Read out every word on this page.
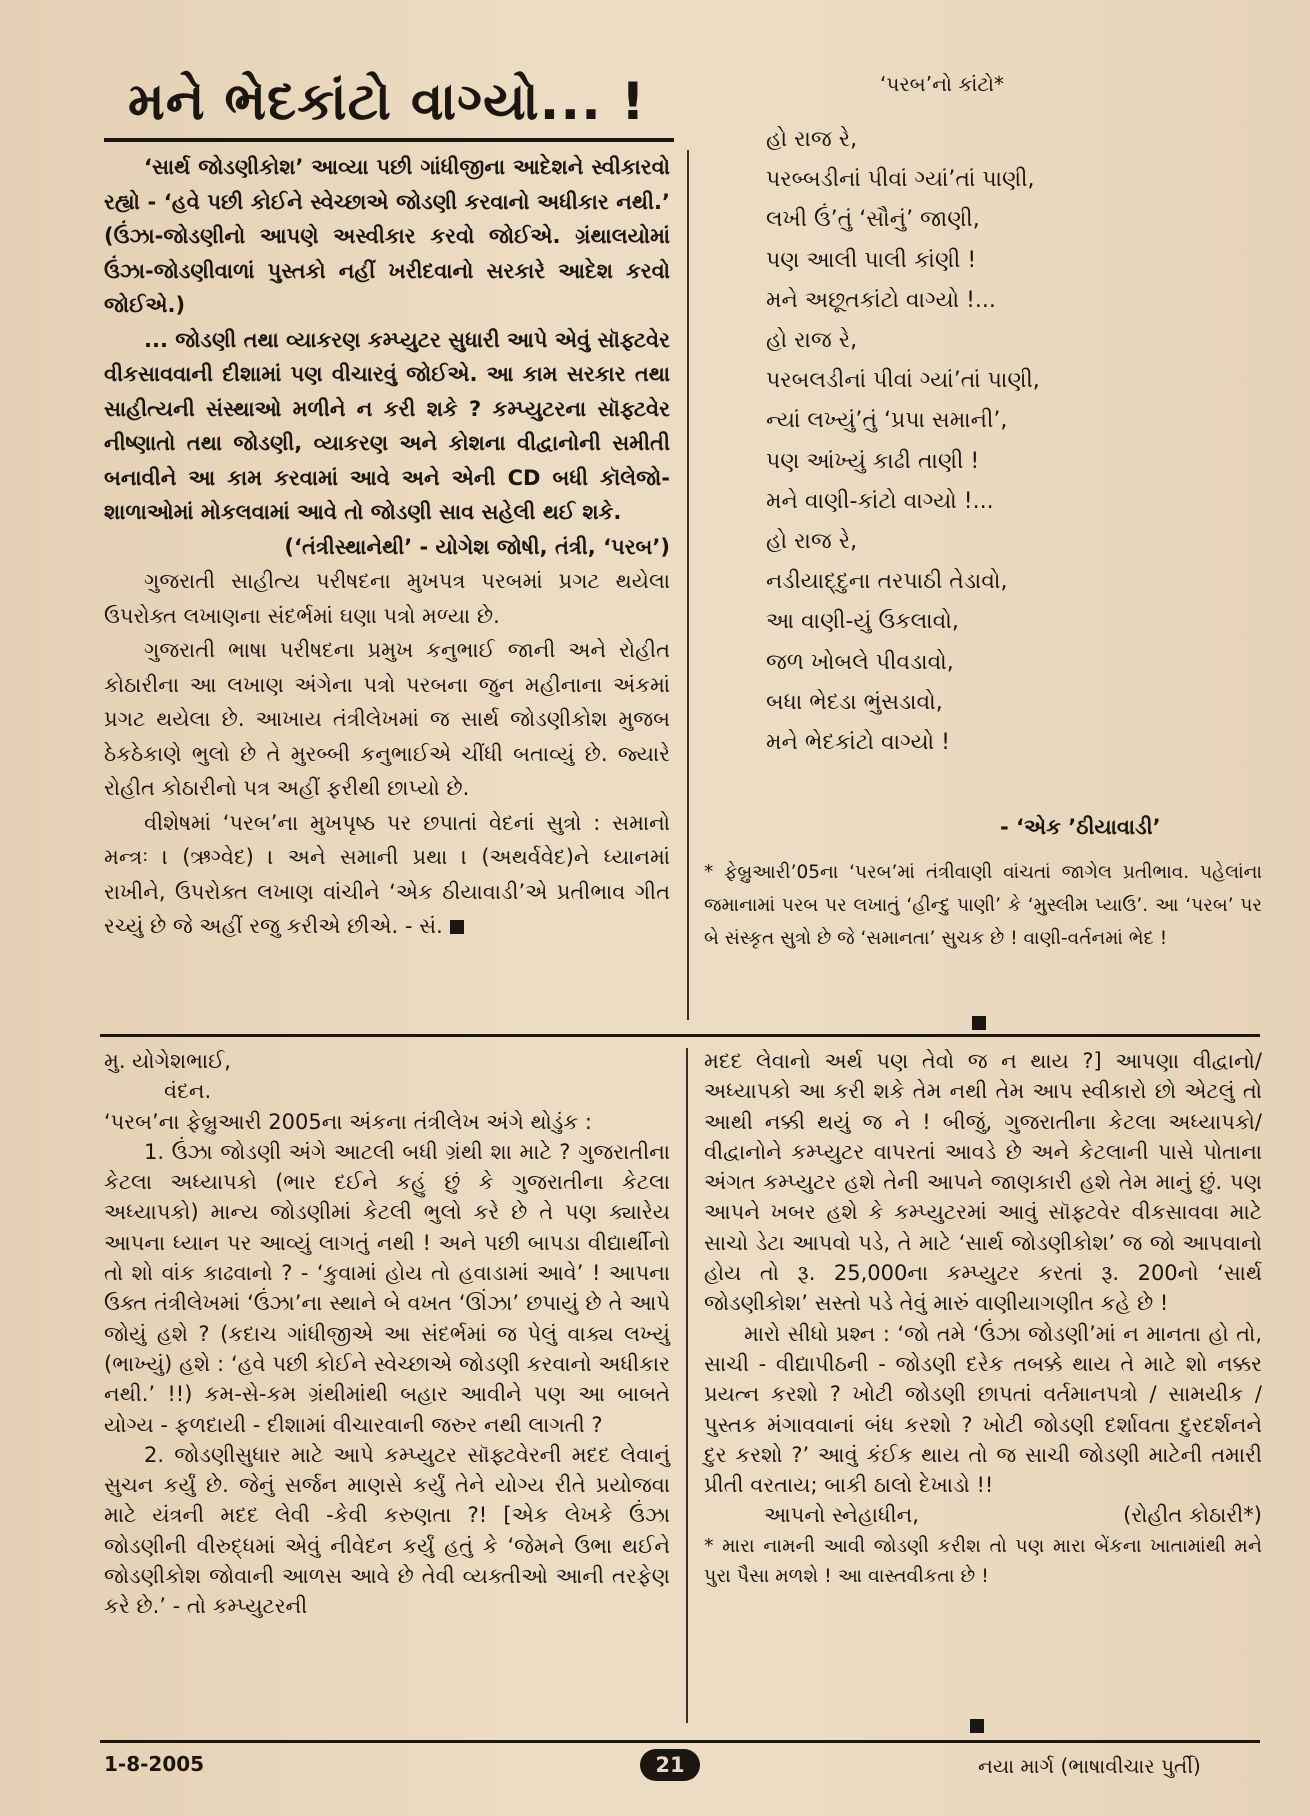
મને ભેદકાંટો વાગ્યો... !

‘સાર્થ જોડણીકોશ’ આવ્યા પછી ગાંધીજીના આદેશને સ્વીકારવો રહ્યો - ‘હવે પછી કોઈને સ્વેચ્છાએ જોડણી કરવાનો અધીકાર નથી.’ (ઉંઝા-જોડણીનો આપણે અસ્વીકાર કરવો જોઈએ. ગ્રંથાલયોમાં ઉંઝા-જોડણીવાળાં પુસ્તકો નહીં ખરીદવાનો સરકારે આદેશ કરવો જોઈએ.)

... જોડણી તથા વ્યાકરણ કમ્પ્યુટર સુધારી આપે એવું સૉફ્ટવેર વીકસાવવાની દીશામાં પણ વીચારવું જોઈએ. આ કામ સરકાર તથા સાહીત્યની સંસ્થાઓ મળીને ન કરી શકે ? કમ્પ્યુટરના સૉફ્ટવેર નીષ્ણાતો તથા જોડણી, વ્યાકરણ અને કોશના વીદ્વાનોની સમીતી બનાવીને આ કામ કરવામાં આવે અને એની CD બધી કૉલેજો-શાળાઓમાં મોકલવામાં આવે તો જોડણી સાવ સહેલી થઈ શકે.

(‘તંત્રીસ્થાનેથી’ - યોગેશ જોષી, તંત્રી, ‘પરબ’)

ગુજરાતી સાહીત્ય પરીષદના મુખપત્ર પરબમાં પ્રગટ થયેલા ઉપરોક્ત લખાણના સંદર્ભમાં ઘણા પત્રો મળ્યા છે.

ગુજરાતી ભાષા પરીષદના પ્રમુખ કનુભાઈ જાની અને રોહીત કોઠારીના આ લખાણ અંગેના પત્રો પરબના જુન મહીનાના અંકમાં પ્રગટ થયેલા છે. આખાય તંત્રીલેખમાં જ સાર્થ જોડણીકોશ મુજબ ઠેકઠેકાણે ભુલો છે તે મુરબ્બી કનુભાઈએ ચીંધી બતાવ્યું છે. જ્યારે રોહીત કોઠારીનો પત્ર અહીં ફરીથી છાપ્યો છે.

વીશેષમાં ‘પરબ’ના મુખપૃષ્ઠ પર છપાતાં વેદનાં સુત્રો : સમાનો મન્ત્રઃ । (ઋગ્વેદ) । અને સમાની પ્રથા । (અથર્વવેદ)ને ધ્યાનમાં રાખીને, ઉપરોક્ત લખાણ વાંચીને ‘એક ઠીયાવાડી’એ પ્રતીભાવ ગીત રચ્યું છે જે અહીં રજુ કરીએ છીએ. - સં.

‘પરબ’નો કાંટો*
હો રાજ રે,
પરબ્બડીનાં પીવાં ગ્યાં’તાં પાણી,
લખી ઉં’તું ‘સૌનું’ જાણી,
પણ આલી પાલી કાંણી !
મને અછૂતકાંટો વાગ્યો !...
હો રાજ રે,
પરબલડીનાં પીવાં ગ્યાં’તાં પાણી,
ન્યાં લખ્યું’તું ‘પ્રપા સમાની’,
પણ આંખ્યું કાઢી તાણી !
મને વાણી-કાંટો વાગ્યો !...
હો રાજ રે,
નડીયાદ્દુના તરપાઠી તેડાવો,
આ વાણી-યું ઉકલાવો,
જળ ખોબલે પીવડાવો,
બધા ભેદડા ભુંસડાવો,
મને ભેદકાંટો વાગ્યો !
- ‘એક ’ઠીયાવાડી’
* ફેબ્રુઆરી’05ના ‘પરબ’માં તંત્રીવાણી વાંચતાં જાગેલ પ્રતીભાવ. પહેલાંના જમાનામાં પરબ પર લખાતું ‘હીન્દુ પાણી’ કે ‘મુસ્લીમ પ્યાઉ’. આ ‘પરબ’ પર બે સંસ્કૃત સુત્રો છે જે ‘સમાનતા’ સુચક છે ! વાણી-વર્તનમાં ભેદ !

મુ. યોગેશભાઈ,

વંદન.

‘પરબ’ના ફેબ્રુઆરી 2005ના અંકના તંત્રીલેખ અંગે થોડુંક :

1. ઉંઝા જોડણી અંગે આટલી બધી ગ્રંથી શા માટે ? ગુજરાતીના કેટલા અધ્યાપકો (ભાર દઈને કહું છું કે ગુજરાતીના કેટલા અધ્યાપકો) માન્ય જોડણીમાં કેટલી ભુલો કરે છે તે પણ ક્યારેય આપના ધ્યાન પર આવ્યું લાગતું નથી ! અને પછી બાપડા વીદ્યાર્થીનો તો શો વાંક કાઢવાનો ? - ‘કુવામાં હોય તો હવાડામાં આવે’ ! આપના ઉક્ત તંત્રીલેખમાં ‘ઉંઝા’ના સ્થાને બે વખત ‘ઊંઝા’ છપાયું છે તે આપે જોયું હશે ? (કદાચ ગાંધીજીએ આ સંદર્ભમાં જ પેલું વાક્ય લખ્યું (ભાખ્યું) હશે : ‘હવે પછી કોઈને સ્વેચ્છાએ જોડણી કરવાનો અધીકાર નથી.’ !!) કમ-સે-કમ ગ્રંથીમાંથી બહાર આવીને પણ આ બાબતે યોગ્ય - ફળદાયી - દીશામાં વીચારવાની જરુર નથી લાગતી ?

2. જોડણીસુધાર માટે આપે કમ્પ્યુટર સૉફ્ટવેરની મદદ લેવાનું સુચન કર્યું છે. જેનું સર્જન માણસે કર્યું તેને યોગ્ય રીતે પ્રયોજવા માટે યંત્રની મદદ લેવી -કેવી કરુણતા ?! [એક લેખકે ઉંઝા જોડણીની વીરુદ્ધમાં એવું નીવેદન કર્યું હતું કે ‘જેમને ઉભા થઈને જોડણીકોશ જોવાની આળસ આવે છે તેવી વ્યક્તીઓ આની તરફેણ કરે છે.’ - તો કમ્પ્યુટરની

મદદ લેવાનો અર્થ પણ તેવો જ ન થાય ?] આપણા વીદ્વાનો/અધ્યાપકો આ કરી શકે તેમ નથી તેમ આપ સ્વીકારો છો એટલું તો આથી નક્કી થયું જ ને ! બીજું, ગુજરાતીના કેટલા અધ્યાપકો/વીદ્વાનોને કમ્પ્યુટર વાપરતાં આવડે છે અને કેટલાની પાસે પોતાના અંગત કમ્પ્યુટર હશે તેની આપને જાણકારી હશે તેમ માનું છું. પણ આપને ખબર હશે કે કમ્પ્યુટરમાં આવું સૉફ્ટવેર વીકસાવવા માટે સાચો ડેટા આપવો પડે, તે માટે ‘સાર્થ જોડણીકોશ’ જ જો આપવાનો હોય તો રૂ. 25,000ના કમ્પ્યુટર કરતાં રૂ. 200નો ‘સાર્થ જોડણીકોશ’ સસ્તો પડે તેવું મારું વાણીયાગણીત કહે છે !

મારો સીધો પ્રશ્ન : ‘જો તમે ‘ઉંઝા જોડણી’માં ન માનતા હો તો, સાચી - વીદ્યાપીઠની - જોડણી દરેક તબક્કે થાય તે માટે શો નક્કર પ્રયત્ન કરશો ? ખોટી જોડણી છાપતાં વર્તમાનપત્રો / સામયીક / પુસ્તક મંગાવવાનાં બંધ કરશો ? ખોટી જોડણી દર્શાવતા દુરદર્શનને દુર કરશો ?’ આવું કંઈક થાય તો જ સાચી જોડણી માટેની તમારી પ્રીતી વરતાય; બાકી ઠાલો દેખાડો !!

આપનો સ્નેહાધીન,	(રોહીત કોઠારી*)

* મારા નામની આવી જોડણી કરીશ તો પણ મારા બેંકના ખાતામાંથી મને પુરા પૈસા મળશે ! આ વાસ્તવીકતા છે !

1-8-2005	21	નયા માર્ગ (ભાષાવીચાર પુર્તી)
